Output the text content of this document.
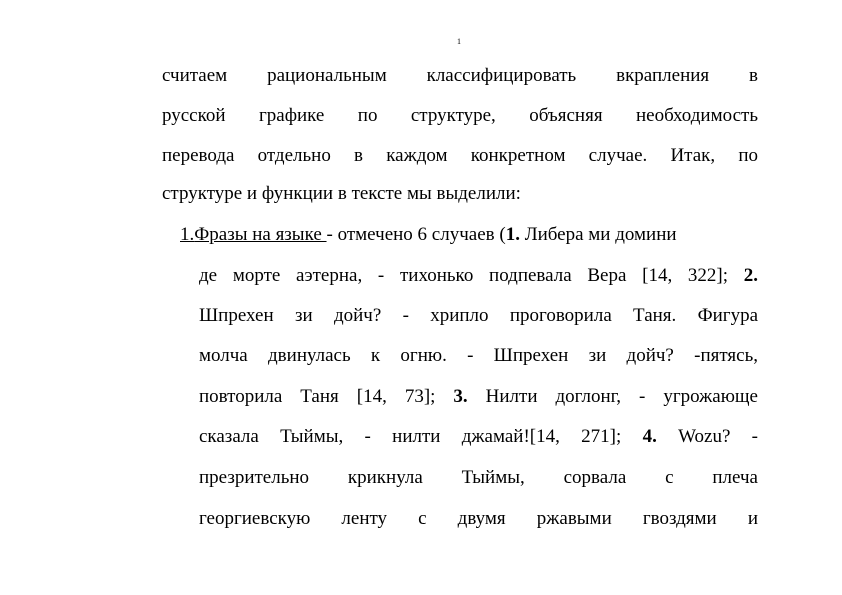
1
считаем рациональным классифицировать вкрапления в
русской графике по структуре, объясняя необходимость
перевода отдельно в каждом конкретном случае. Итак, по
структуре и функции в тексте мы выделили:
1.Фразы на языке - отмечено 6 случаев (1. Либера ми домини
де морте аэтерна, - тихонько подпевала Вера [14, 322]; 2.
Шпрехен зи дойч? - хрипло проговорила Таня. Фигура
молча двинулась к огню. - Шпрехен зи дойч? -пятясь,
повторила Таня [14, 73]; 3. Нилти доглонг, - угрожающе
сказала Тыймы, - нилти джамай![14, 271]; 4. Wozu? -
презрительно крикнула Тыймы, сорвала с плеча
георгиевскую ленту с двумя ржавыми гвоздями и
